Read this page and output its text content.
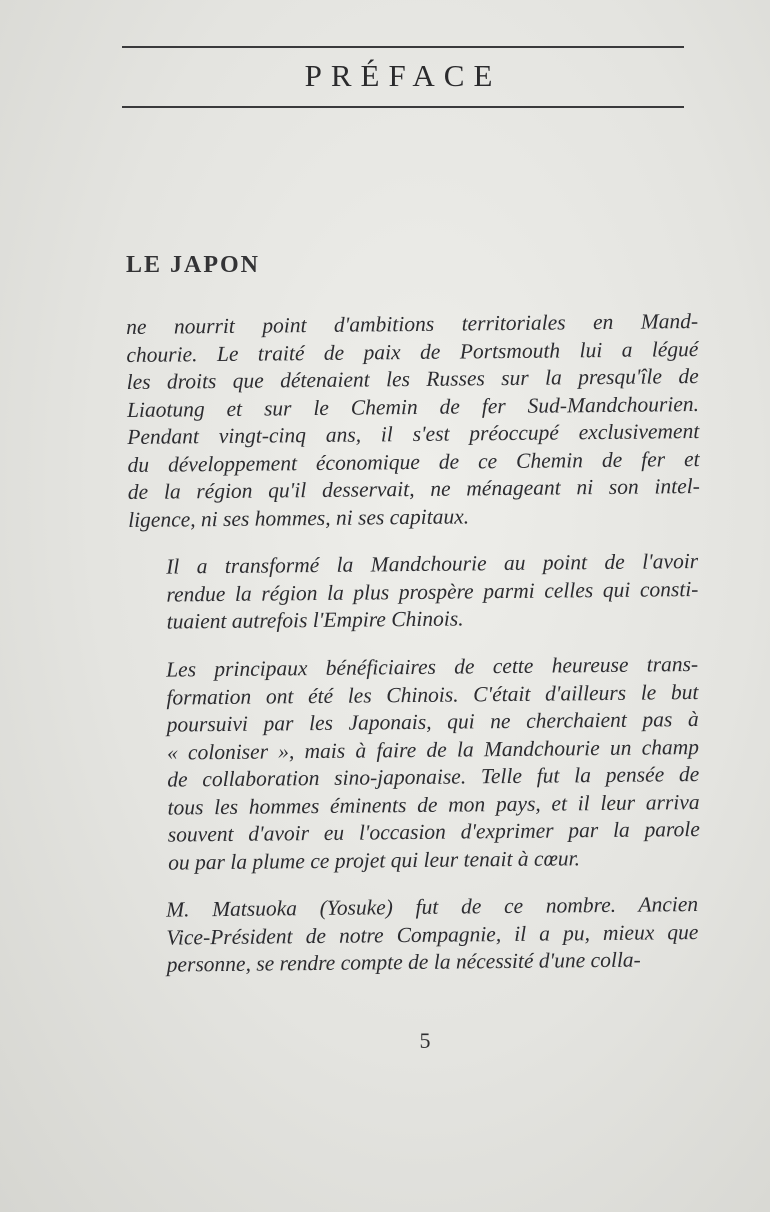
PRÉFACE
LE JAPON

ne nourrit point d'ambitions territoriales en Mand-
chourie. Le traité de paix de Portsmouth lui a légué
les droits que détenaient les Russes sur la presqu'île de
Liaotung et sur le Chemin de fer Sud-Mandchourien.
Pendant vingt-cinq ans, il s'est préoccupé exclusivement
du développement économique de ce Chemin de fer et
de la région qu'il desservait, ne ménageant ni son intel-
ligence, ni ses hommes, ni ses capitaux.

Il a transformé la Mandchourie au point de l'avoir
rendue la région la plus prospère parmi celles qui consti-
tuaient autrefois l'Empire Chinois.

Les principaux bénéficiaires de cette heureuse trans-
formation ont été les Chinois. C'était d'ailleurs le but
poursuivi par les Japonais, qui ne cherchaient pas à
« coloniser », mais à faire de la Mandchourie un champ
de collaboration sino-japonaise. Telle fut la pensée de
tous les hommes éminents de mon pays, et il leur arriva
souvent d'avoir eu l'occasion d'exprimer par la parole
ou par la plume ce projet qui leur tenait à cœur.

M. Matsuoka (Yosuke) fut de ce nombre. Ancien
Vice-Président de notre Compagnie, il a pu, mieux que
personne, se rendre compte de la nécessité d'une colla-

5
